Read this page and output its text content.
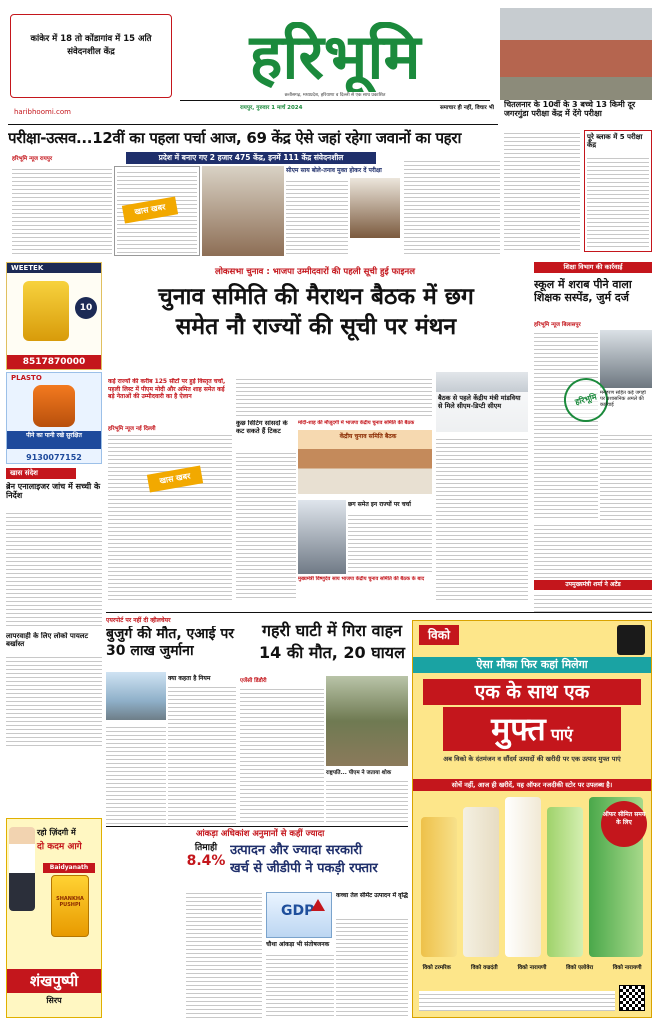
कांकेर में 18 तो कोंडागांव में 15 अति संवेदनशील केंद्र
haribhoomi.com
हरिभूमि
छत्तीसगढ़, मध्यप्रदेश, हरियाणा व दिल्ली से एक साथ प्रकाशित
रायपुर, गुरुवार 1 मार्च 2024	समाचार ही नहीं, विचार भी चितलनार के 10वीं के 3 बच्चे 13 किमी दूर जगरगुंडा परीक्षा केंद्र में देंगे परीक्षा
परीक्षा-उत्सव...12वीं का पहला पर्चा आज, 69 केंद्र ऐसे जहां रहेगा जवानों का पहरा
हरिभूमि न्यूज रायपुर	प्रदेश में बनाए गए 2 हजार 475 केंद्र, इनमें 111 केंद्र संवेदनशील
खास खबर
सीएम साय बोले-तनाव मुक्त होकर दें परीक्षा
पूरे ब्लाक में 5 परीक्षा केंद्र
WEETEK
10
8517870000
PLASTO
पीने का पानी रखे सुरक्षित
9130077152
खास संदेश
ब्रेन एनालाइजर जांच में सच्ची के निर्देश
लापरवाही के लिए लोको पायलट बर्खास्त
लोकसभा चुनाव : भाजपा उम्मीदवारों की पहली सूची हुई फाइनल
चुनाव समिति की मैराथन बैठक में छग
समेत नौ राज्यों की सूची पर मंथन
कई राज्यों की करीब 125 सीटों पर हुई विस्तृत चर्चा, पहली लिस्ट में पीएम मोदी और अमित शाह समेत कई बड़े नेताओं की उम्मीदवारी का है ऐलान
हरिभूमि न्यूज नई दिल्ली
खास खबर
कुछ सिटिंग सांसदों के कट सकते हैं टिकट
मोदी-शाह की मौजूदगी में भाजपा केंद्रीय चुनाव समिति की बैठक
केंद्रीय चुनाव समिति बैठक
मुख्यमंत्री विष्णुदेव साय भाजपा केंद्रीय चुनाव समिति की बैठक के बाद
छग समेत इन राज्यों पर चर्चा
बैठक से पहले केंद्रीय मंत्री मांडविया से मिले सीएम-डिप्टी सीएम
शिक्षा विभाग की कार्रवाई
स्कूल में शराब पीने वाला शिक्षक सस्पेंड, जुर्म दर्ज
हरिभूमि न्यूज बिलासपुर
हरिभूमि मनहरण सहित कई जगहों पर प्रशासनिक अमले की कार्रवाई
उपमुख्यमंत्री शर्मा ने अटेंड
एयरपोर्ट पर नहीं दी व्हीलचेयर
बुजुर्ग की मौत, एआई पर 30 लाख जुर्माना
क्या कहता है नियम
गहरी घाटी में गिरा वाहन
14 की मौत, 20 घायल
एजेंसी डिंडौरी
राष्ट्रपति... पीएम ने जताया शोक
विको
ऐसा मौका फिर कहां मिलेगा
एक के साथ एक
मुफ्त पाएं
अब विको के दंतमंजन व सौंदर्य उत्पादों की खरीदी पर एक उत्पाद मुफ्त पाएं
सोचें नहीं, आज ही खरीदें, यह ऑफर नजदीकी स्टोर पर उपलब्ध है।
ऑफर सीमित समय के लिए
विको टरमरिक	विको वज्रदंती	विको नारायणी	विको एलोवेरा	विको नारायणी
रहो ज़िंदगी में
दो कदम आगे
Baidyanath
SHANKHA PUSHPI
शंखपुष्पी
सिरप
आंकड़ा अधिकांश अनुमानों से कहीं ज्यादा
तिमाही
8.4%
उत्पादन और ज्यादा सरकारी
खर्च से जीडीपी ने पकड़ी रफ्तार
GDP
कच्चा तेल सीमेंट उत्पादन में वृद्धि
चौथा आंकड़ा भी संतोषजनक
